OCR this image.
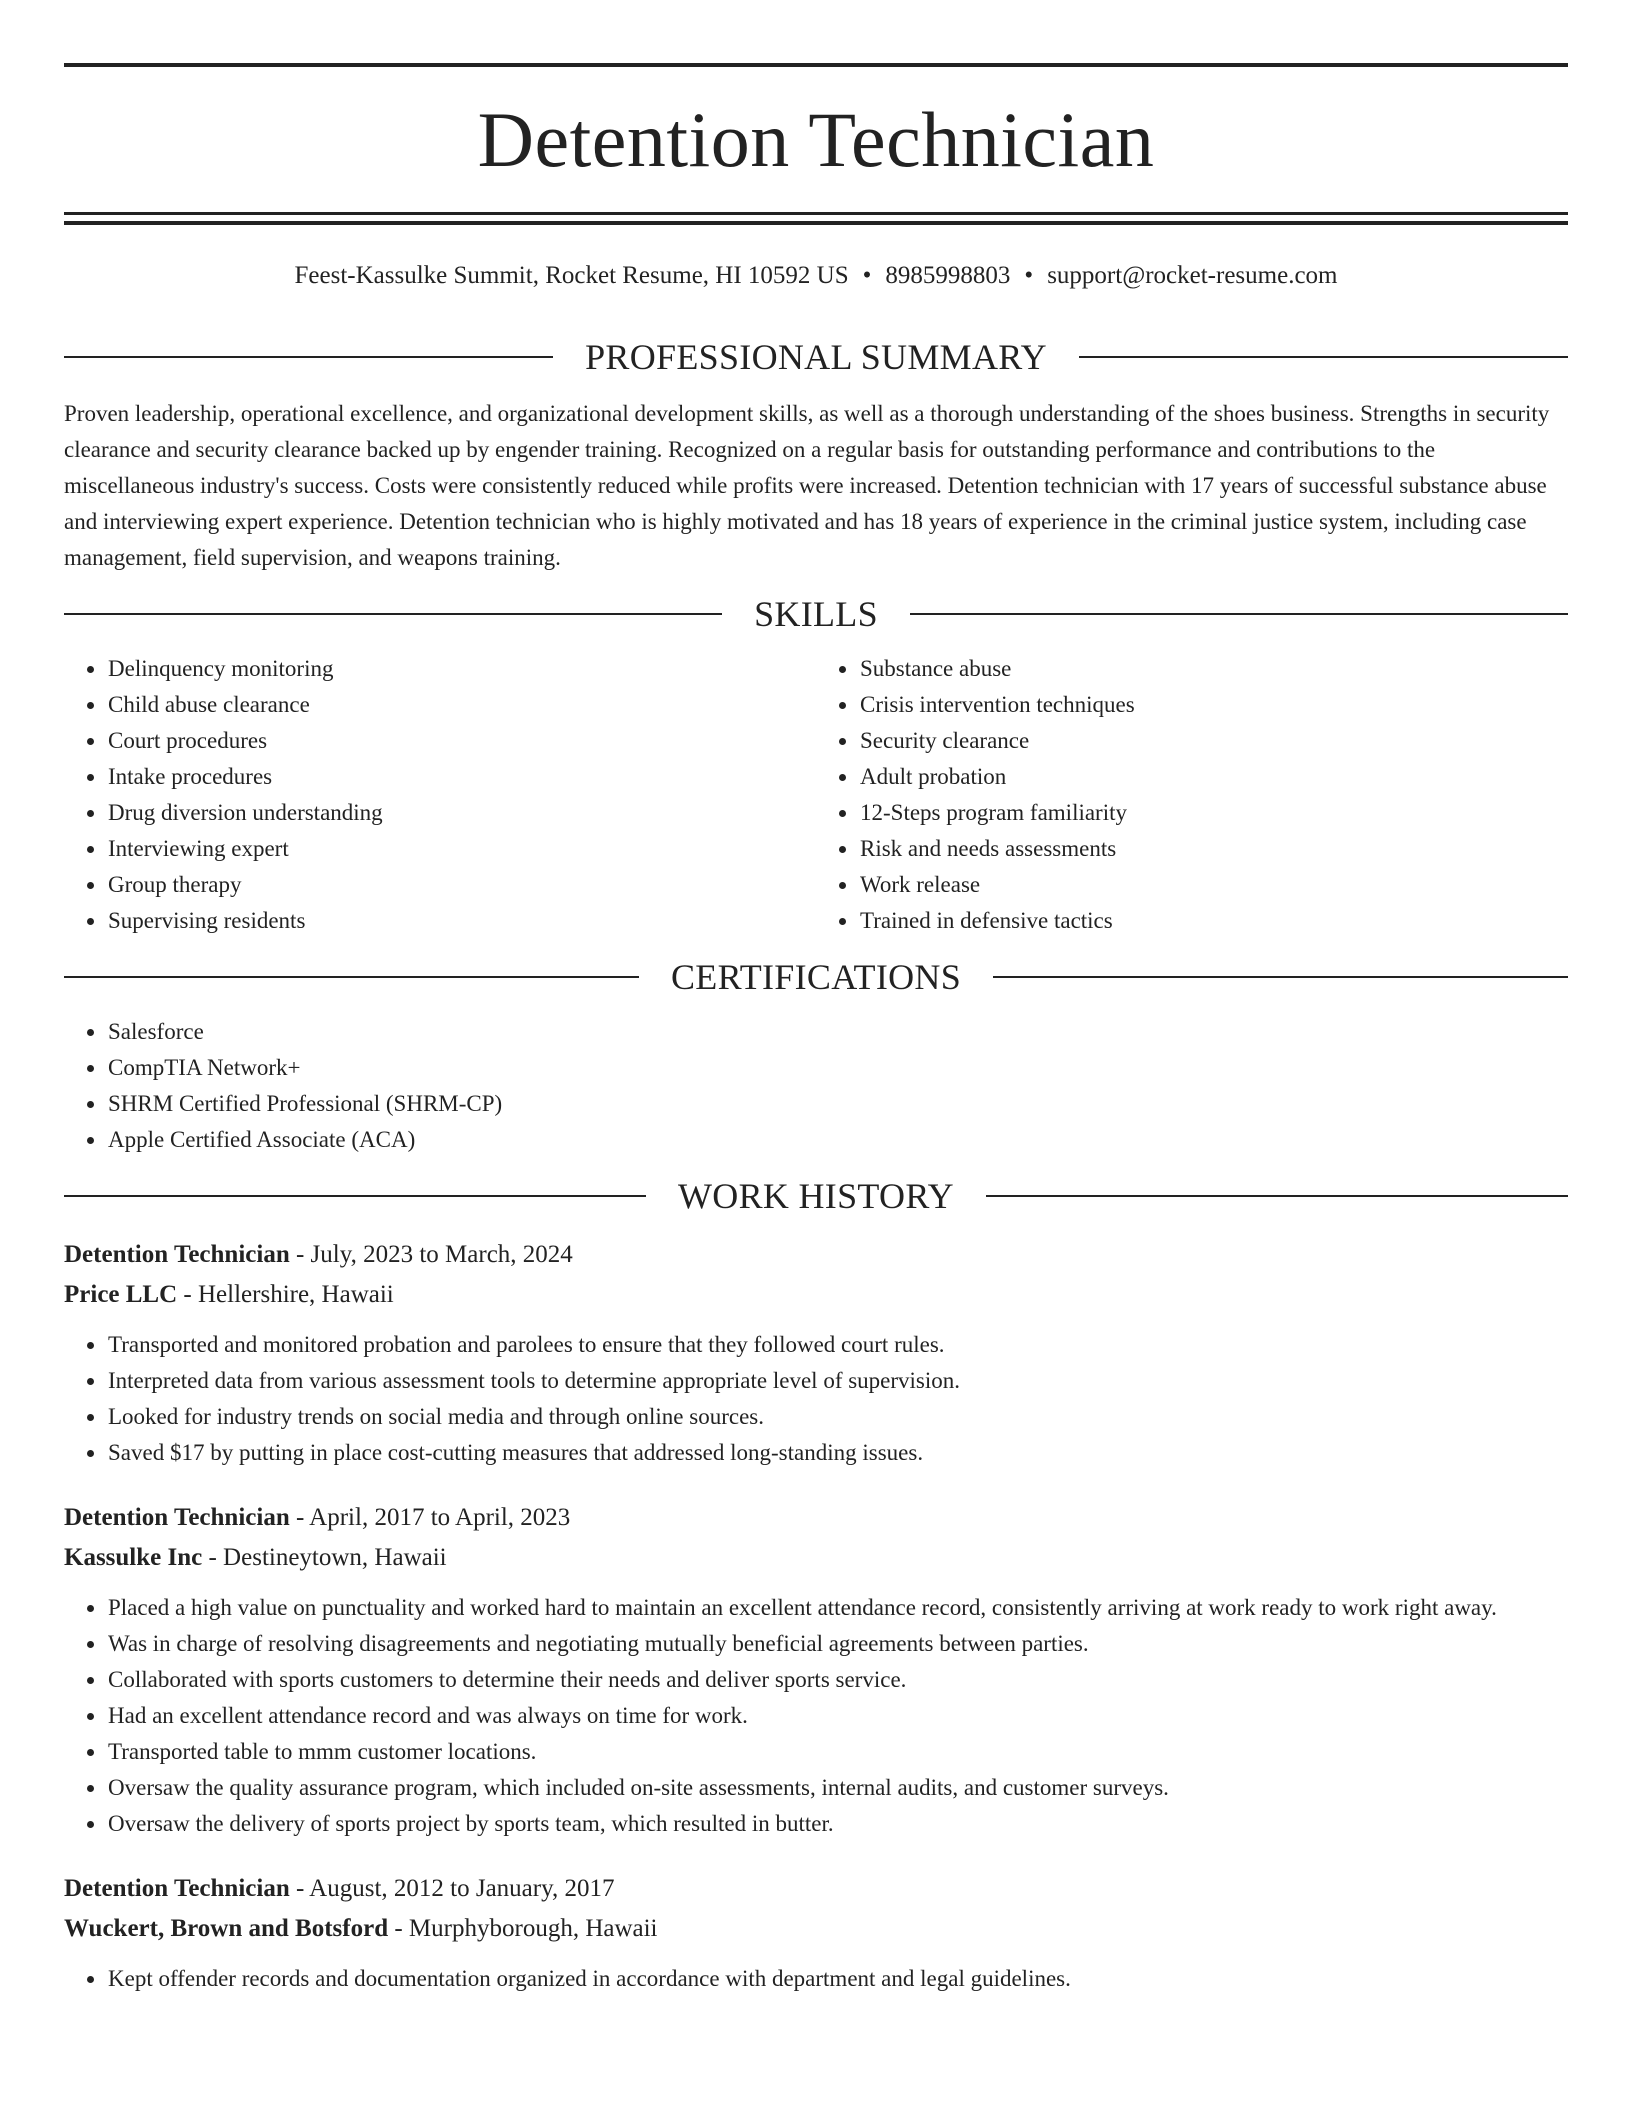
Detention Technician
Feest-Kassulke Summit, Rocket Resume, HI 10592 US • 8985998803 • support@rocket-resume.com
PROFESSIONAL SUMMARY

Proven leadership, operational excellence, and organizational development skills, as well as a thorough understanding of the shoes business. Strengths in security clearance and security clearance backed up by engender training. Recognized on a regular basis for outstanding performance and contributions to the miscellaneous industry's success. Costs were consistently reduced while profits were increased. Detention technician with 17 years of successful substance abuse and interviewing expert experience. Detention technician who is highly motivated and has 18 years of experience in the criminal justice system, including case management, field supervision, and weapons training.

SKILLS
• Delinquency monitoring
• Child abuse clearance
• Court procedures
• Intake procedures
• Drug diversion understanding
• Interviewing expert
• Group therapy
• Supervising residents
• Substance abuse
• Crisis intervention techniques
• Security clearance
• Adult probation
• 12-Steps program familiarity
• Risk and needs assessments
• Work release
• Trained in defensive tactics
CERTIFICATIONS
• Salesforce
• CompTIA Network+
• SHRM Certified Professional (SHRM-CP)
• Apple Certified Associate (ACA)
WORK HISTORY
Detention Technician - July, 2023 to March, 2024
Price LLC - Hellershire, Hawaii
• Transported and monitored probation and parolees to ensure that they followed court rules.
• Interpreted data from various assessment tools to determine appropriate level of supervision.
• Looked for industry trends on social media and through online sources.
• Saved $17 by putting in place cost-cutting measures that addressed long-standing issues.
Detention Technician - April, 2017 to April, 2023
Kassulke Inc - Destineytown, Hawaii
• Placed a high value on punctuality and worked hard to maintain an excellent attendance record, consistently arriving at work ready to work right away.
• Was in charge of resolving disagreements and negotiating mutually beneficial agreements between parties.
• Collaborated with sports customers to determine their needs and deliver sports service.
• Had an excellent attendance record and was always on time for work.
• Transported table to mmm customer locations.
• Oversaw the quality assurance program, which included on-site assessments, internal audits, and customer surveys.
• Oversaw the delivery of sports project by sports team, which resulted in butter.
Detention Technician - August, 2012 to January, 2017
Wuckert, Brown and Botsford - Murphyborough, Hawaii
• Kept offender records and documentation organized in accordance with department and legal guidelines.
